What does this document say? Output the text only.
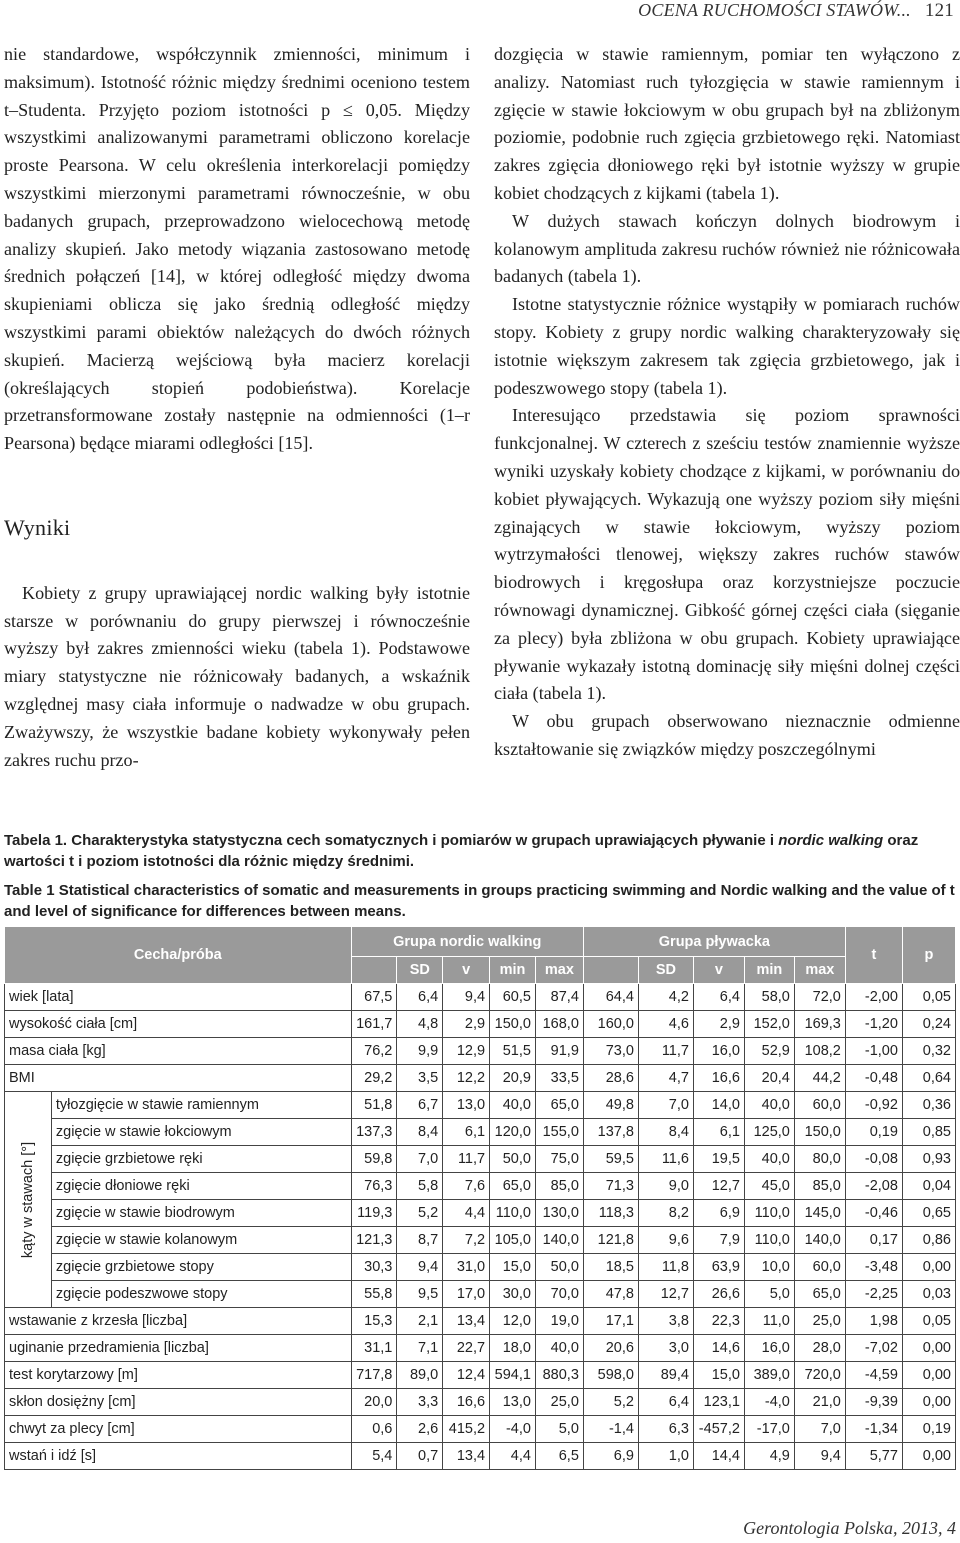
OCENA RUCHOMOŚCI STAWÓW... 121

nie standardowe, współczynnik zmienności, minimum i maksimum). Istotność różnic między średnimi oceniono testem t–Studenta. Przyjęto poziom istotności p ≤ 0,05. Między wszystkimi analizowanymi parametrami obliczono korelacje proste Pearsona. W celu określenia interkorelacji pomiędzy wszystkimi mierzonymi parametrami równocześnie, w obu badanych grupach, przeprowadzono wielocechową metodę analizy skupień. Jako metody wiązania zastosowano metodę średnich połączeń [14], w której odległość między dwoma skupieniami oblicza się jako średnią odległość między wszystkimi parami obiektów należących do dwóch różnych skupień. Macierzą wejściową była macierz korelacji (określających stopień podobieństwa). Korelacje przetransformowane zostały następnie na odmienności (1–r Pearsona) będące miarami odległości [15].

Wyniki

Kobiety z grupy uprawiającej nordic walking były istotnie starsze w porównaniu do grupy pierwszej i równocześnie wyższy był zakres zmienności wieku (tabela 1). Podstawowe miary statystyczne nie różnicowały badanych, a wskaźnik względnej masy ciała informuje o nadwadze w obu grupach. Zważywszy, że wszystkie badane kobiety wykonywały pełen zakres ruchu przo-

dozgięcia w stawie ramiennym, pomiar ten wyłączono z analizy. Natomiast ruch tyłozgięcia w stawie ramiennym i zgięcie w stawie łokciowym w obu grupach był na zbliżonym poziomie, podobnie ruch zgięcia grzbietowego ręki. Natomiast zakres zgięcia dłoniowego ręki był istotnie wyższy w grupie kobiet chodzących z kijkami (tabela 1).

W dużych stawach kończyn dolnych biodrowym i kolanowym amplituda zakresu ruchów również nie różnicowała badanych (tabela 1).

Istotne statystycznie różnice wystąpiły w pomiarach ruchów stopy. Kobiety z grupy nordic walking charakteryzowały się istotnie większym zakresem tak zgięcia grzbietowego, jak i podeszwowego stopy (tabela 1).

Interesująco przedstawia się poziom sprawności funkcjonalnej. W czterech z sześciu testów znamiennie wyższe wyniki uzyskały kobiety chodzące z kijkami, w porównaniu do kobiet pływających. Wykazują one wyższy poziom siły mięśni zginających w stawie łokciowym, wyższy poziom wytrzymałości tlenowej, większy zakres ruchów stawów biodrowych i kręgosłupa oraz korzystniejsze poczucie równowagi dynamicznej. Gibkość górnej części ciała (sięganie za plecy) była zbliżona w obu grupach. Kobiety uprawiające pływanie wykazały istotną dominację siły mięśni dolnej części ciała (tabela 1).

W obu grupach obserwowano nieznacznie odmienne kształtowanie się związków między poszczególnymi

Tabela 1. Charakterystyka statystyczna cech somatycznych i pomiarów w grupach uprawiających pływanie i nordic walking oraz wartości t i poziom istotności dla różnic między średnimi.
Table 1 Statistical characteristics of somatic and measurements in groups practicing swimming and Nordic walking and the value of t and level of significance for differences between means.
Cecha/próba		Grupa nordic walking					Grupa pływacka					t	p
			SD	v	min	max		SD	v	min	max		
wiek [lata]		67,5	6,4	9,4	60,5	87,4	64,4	4,2	6,4	58,0	72,0	-2,00	0,05
wysokość ciała [cm]		161,7	4,8	2,9	150,0	168,0	160,0	4,6	2,9	152,0	169,3	-1,20	0,24
masa ciała [kg]		76,2	9,9	12,9	51,5	91,9	73,0	11,7	16,0	52,9	108,2	-1,00	0,32
BMI		29,2	3,5	12,2	20,9	33,5	28,6	4,7	16,6	20,4	44,2	-0,48	0,64

kąty w stawach [°]	tyłozgięcie w stawie ramiennym	51,8	6,7	13,0	40,0	65,0	49,8	7,0	14,0	40,0	60,0	-0,92	0,36
	zgięcie w stawie łokciowym	137,3	8,4	6,1	120,0	155,0	137,8	8,4	6,1	125,0	150,0	0,19	0,85
	zgięcie grzbietowe ręki	59,8	7,0	11,7	50,0	75,0	59,5	11,6	19,5	40,0	80,0	-0,08	0,93
	zgięcie dłoniowe ręki	76,3	5,8	7,6	65,0	85,0	71,3	9,0	12,7	45,0	85,0	-2,08	0,04
	zgięcie w stawie biodrowym	119,3	5,2	4,4	110,0	130,0	118,3	8,2	6,9	110,0	145,0	-0,46	0,65
	zgięcie w stawie kolanowym	121,3	8,7	7,2	105,0	140,0	121,8	9,6	7,9	110,0	140,0	0,17	0,86
	zgięcie grzbietowe stopy	30,3	9,4	31,0	15,0	50,0	18,5	11,8	63,9	10,0	60,0	-3,48	0,00
	zgięcie podeszwowe stopy	55,8	9,5	17,0	30,0	70,0	47,8	12,7	26,6	5,0	65,0	-2,25	0,03
wstawanie z krzesła [liczba]		15,3	2,1	13,4	12,0	19,0	17,1	3,8	22,3	11,0	25,0	1,98	0,05
uginanie przedramienia [liczba]		31,1	7,1	22,7	18,0	40,0	20,6	3,0	14,6	16,0	28,0	-7,02	0,00
test korytarzowy [m]		717,8	89,0	12,4	594,1	880,3	598,0	89,4	15,0	389,0	720,0	-4,59	0,00
skłon dosiężny [cm]		20,0	3,3	16,6	13,0	25,0	5,2	6,4	123,1	-4,0	21,0	-9,39	0,00
chwyt za plecy [cm]		0,6	2,6	415,2	-4,0	5,0	-1,4	6,3	-457,2	-17,0	7,0	-1,34	0,19
wstań i idź [s]		5,4	0,7	13,4	4,4	6,5	6,9	1,0	14,4	4,9	9,4	5,77	0,00
Gerontologia Polska, 2013, 4
